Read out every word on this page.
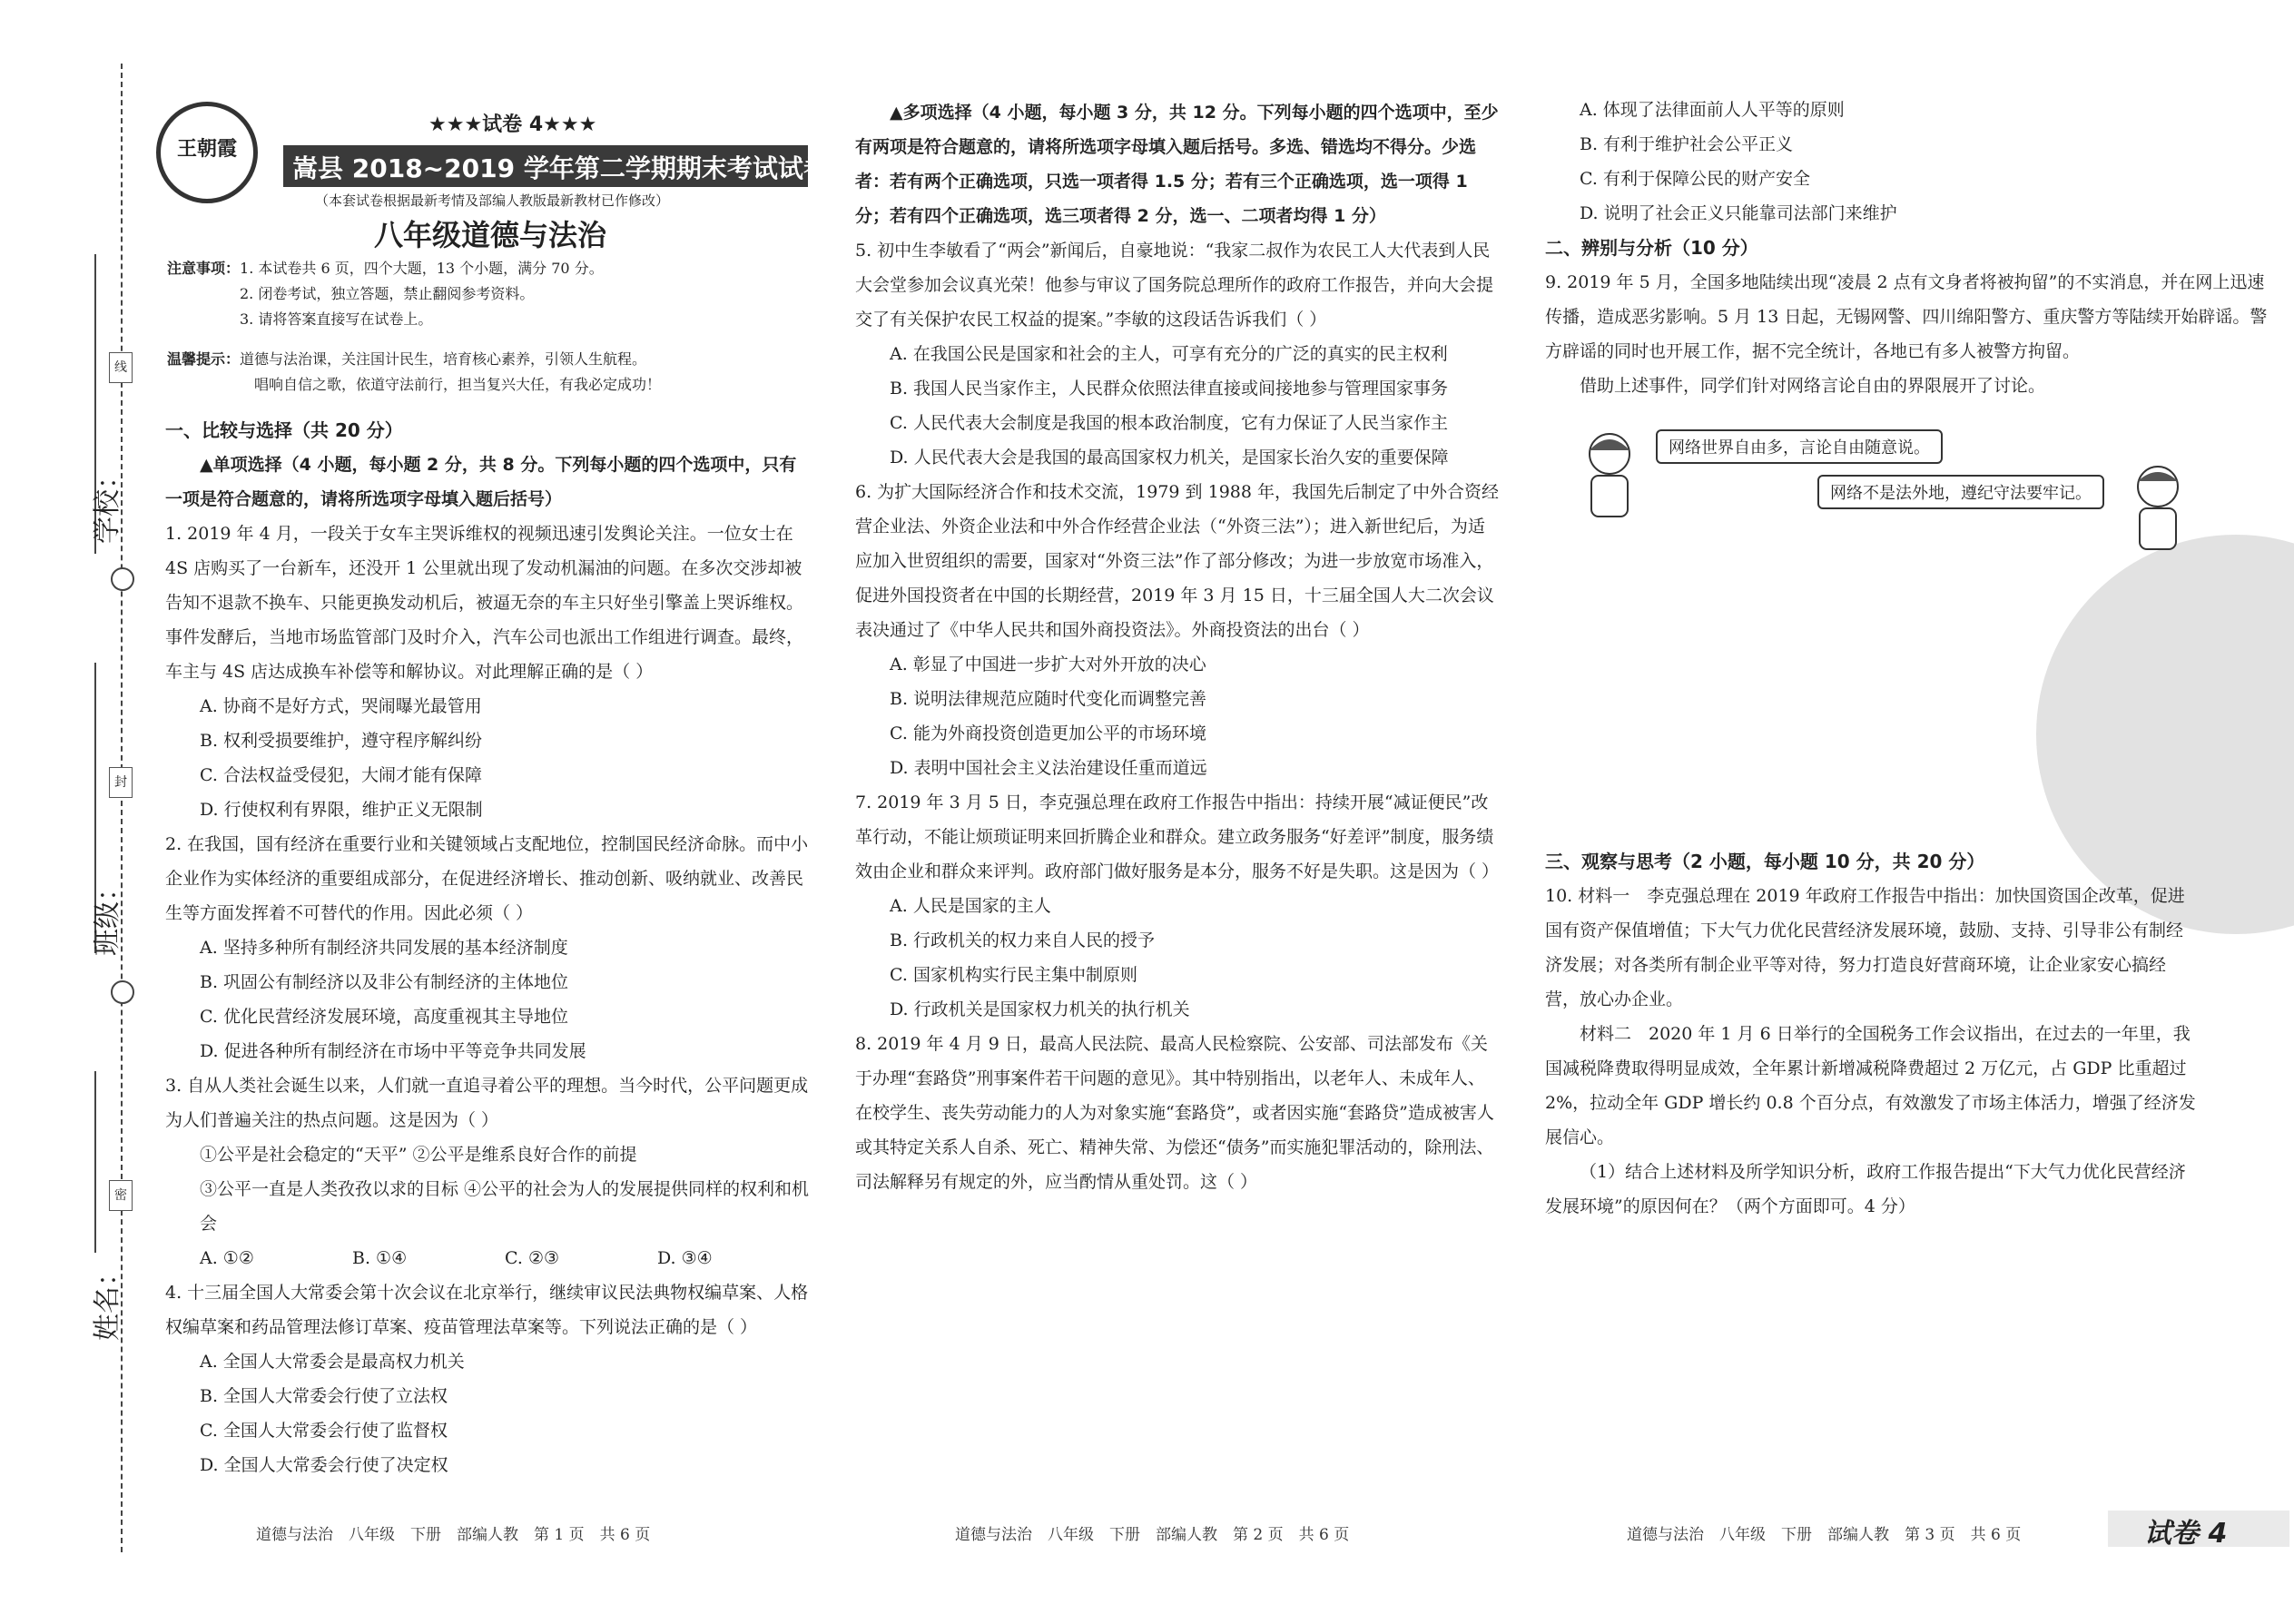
学校：
班级：
姓名：
线
封
密
王朝霞
★★★试卷 4★★★
嵩县 2018~2019 学年第二学期期末考试试卷
（本套试卷根据最新考情及部编人教版最新教材已作修改）
八年级道德与法治
注意事项：1. 本试卷共 6 页，四个大题，13 个小题，满分 70 分。
2. 闭卷考试，独立答题，禁止翻阅参考资料。
3. 请将答案直接写在试卷上。
温馨提示：道德与法治课，关注国计民生，培育核心素养，引领人生航程。
唱响自信之歌，依道守法前行，担当复兴大任，有我必定成功！

一、比较与选择（共 20 分）

▲单项选择（4 小题，每小题 2 分，共 8 分。下列每小题的四个选项中，只有一项是符合题意的，请将所选项字母填入题后括号）

1. 2019 年 4 月，一段关于女车主哭诉维权的视频迅速引发舆论关注。一位女士在 4S 店购买了一台新车，还没开 1 公里就出现了发动机漏油的问题。在多次交涉却被告知不退款不换车、只能更换发动机后，被逼无奈的车主只好坐引擎盖上哭诉维权。事件发酵后，当地市场监管部门及时介入，汽车公司也派出工作组进行调查。最终，车主与 4S 店达成换车补偿等和解协议。对此理解正确的是（ ）

A. 协商不是好方式，哭闹曝光最管用

B. 权利受损要维护，遵守程序解纠纷

C. 合法权益受侵犯，大闹才能有保障

D. 行使权利有界限，维护正义无限制

2. 在我国，国有经济在重要行业和关键领域占支配地位，控制国民经济命脉。而中小企业作为实体经济的重要组成部分，在促进经济增长、推动创新、吸纳就业、改善民生等方面发挥着不可替代的作用。因此必须（ ）

A. 坚持多种所有制经济共同发展的基本经济制度

B. 巩固公有制经济以及非公有制经济的主体地位

C. 优化民营经济发展环境，高度重视其主导地位

D. 促进各种所有制经济在市场中平等竞争共同发展

3. 自从人类社会诞生以来，人们就一直追寻着公平的理想。当今时代，公平问题更成为人们普遍关注的热点问题。这是因为（ ）

①公平是社会稳定的“天平” ②公平是维系良好合作的前提

③公平一直是人类孜孜以求的目标 ④公平的社会为人的发展提供同样的权利和机会

A. ①②	B. ①④	C. ②③	D. ③④

4. 十三届全国人大常委会第十次会议在北京举行，继续审议民法典物权编草案、人格权编草案和药品管理法修订草案、疫苗管理法草案等。下列说法正确的是（ ）

A. 全国人大常委会是最高权力机关

B. 全国人大常委会行使了立法权

C. 全国人大常委会行使了监督权

D. 全国人大常委会行使了决定权

道德与法治　八年级　下册　部编人教　第 1 页　共 6 页

▲多项选择（4 小题，每小题 3 分，共 12 分。下列每小题的四个选项中，至少有两项是符合题意的，请将所选项字母填入题后括号。多选、错选均不得分。少选者：若有两个正确选项，只选一项者得 1.5 分；若有三个正确选项，选一项得 1 分；若有四个正确选项，选三项者得 2 分，选一、二项者均得 1 分）

5. 初中生李敏看了“两会”新闻后，自豪地说：“我家二叔作为农民工人大代表到人民大会堂参加会议真光荣！他参与审议了国务院总理所作的政府工作报告，并向大会提交了有关保护农民工权益的提案。”李敏的这段话告诉我们（ ）

A. 在我国公民是国家和社会的主人，可享有充分的广泛的真实的民主权利

B. 我国人民当家作主，人民群众依照法律直接或间接地参与管理国家事务

C. 人民代表大会制度是我国的根本政治制度，它有力保证了人民当家作主

D. 人民代表大会是我国的最高国家权力机关，是国家长治久安的重要保障

6. 为扩大国际经济合作和技术交流，1979 到 1988 年，我国先后制定了中外合资经营企业法、外资企业法和中外合作经营企业法（“外资三法”）；进入新世纪后，为适应加入世贸组织的需要，国家对“外资三法”作了部分修改；为进一步放宽市场准入，促进外国投资者在中国的长期经营，2019 年 3 月 15 日，十三届全国人大二次会议表决通过了《中华人民共和国外商投资法》。外商投资法的出台（ ）

A. 彰显了中国进一步扩大对外开放的决心

B. 说明法律规范应随时代变化而调整完善

C. 能为外商投资创造更加公平的市场环境

D. 表明中国社会主义法治建设任重而道远

7. 2019 年 3 月 5 日，李克强总理在政府工作报告中指出：持续开展“减证便民”改革行动，不能让烦琐证明来回折腾企业和群众。建立政务服务“好差评”制度，服务绩效由企业和群众来评判。政府部门做好服务是本分，服务不好是失职。这是因为（ ）

A. 人民是国家的主人

B. 行政机关的权力来自人民的授予

C. 国家机构实行民主集中制原则

D. 行政机关是国家权力机关的执行机关

8. 2019 年 4 月 9 日，最高人民法院、最高人民检察院、公安部、司法部发布《关于办理“套路贷”刑事案件若干问题的意见》。其中特别指出，以老年人、未成年人、在校学生、丧失劳动能力的人为对象实施“套路贷”，或者因实施“套路贷”造成被害人或其特定关系人自杀、死亡、精神失常、为偿还“债务”而实施犯罪活动的，除刑法、司法解释另有规定的外，应当酌情从重处罚。这（ ）

道德与法治　八年级　下册　部编人教　第 2 页　共 6 页

A. 体现了法律面前人人平等的原则

B. 有利于维护社会公平正义

C. 有利于保障公民的财产安全

D. 说明了社会正义只能靠司法部门来维护

二、辨别与分析（10 分）

9. 2019 年 5 月，全国多地陆续出现“凌晨 2 点有文身者将被拘留”的不实消息，并在网上迅速传播，造成恶劣影响。5 月 13 日起，无锡网警、四川绵阳警方、重庆警方等陆续开始辟谣。警方辟谣的同时也开展工作，据不完全统计，各地已有多人被警方拘留。

借助上述事件，同学们针对网络言论自由的界限展开了讨论。

网络世界自由多，言论自由随意说。
网络不是法外地，遵纪守法要牢记。

三、观察与思考（2 小题，每小题 10 分，共 20 分）

10. 材料一　李克强总理在 2019 年政府工作报告中指出：加快国资国企改革，促进国有资产保值增值；下大气力优化民营经济发展环境，鼓励、支持、引导非公有制经济发展；对各类所有制企业平等对待，努力打造良好营商环境，让企业家安心搞经营，放心办企业。

材料二　2020 年 1 月 6 日举行的全国税务工作会议指出，在过去的一年里，我国减税降费取得明显成效，全年累计新增减税降费超过 2 万亿元，占 GDP 比重超过 2%，拉动全年 GDP 增长约 0.8 个百分点，有效激发了市场主体活力，增强了经济发展信心。

（1）结合上述材料及所学知识分析，政府工作报告提出“下大气力优化民营经济发展环境”的原因何在？（两个方面即可。4 分）

道德与法治　八年级　下册　部编人教　第 3 页　共 6 页	试卷 4
